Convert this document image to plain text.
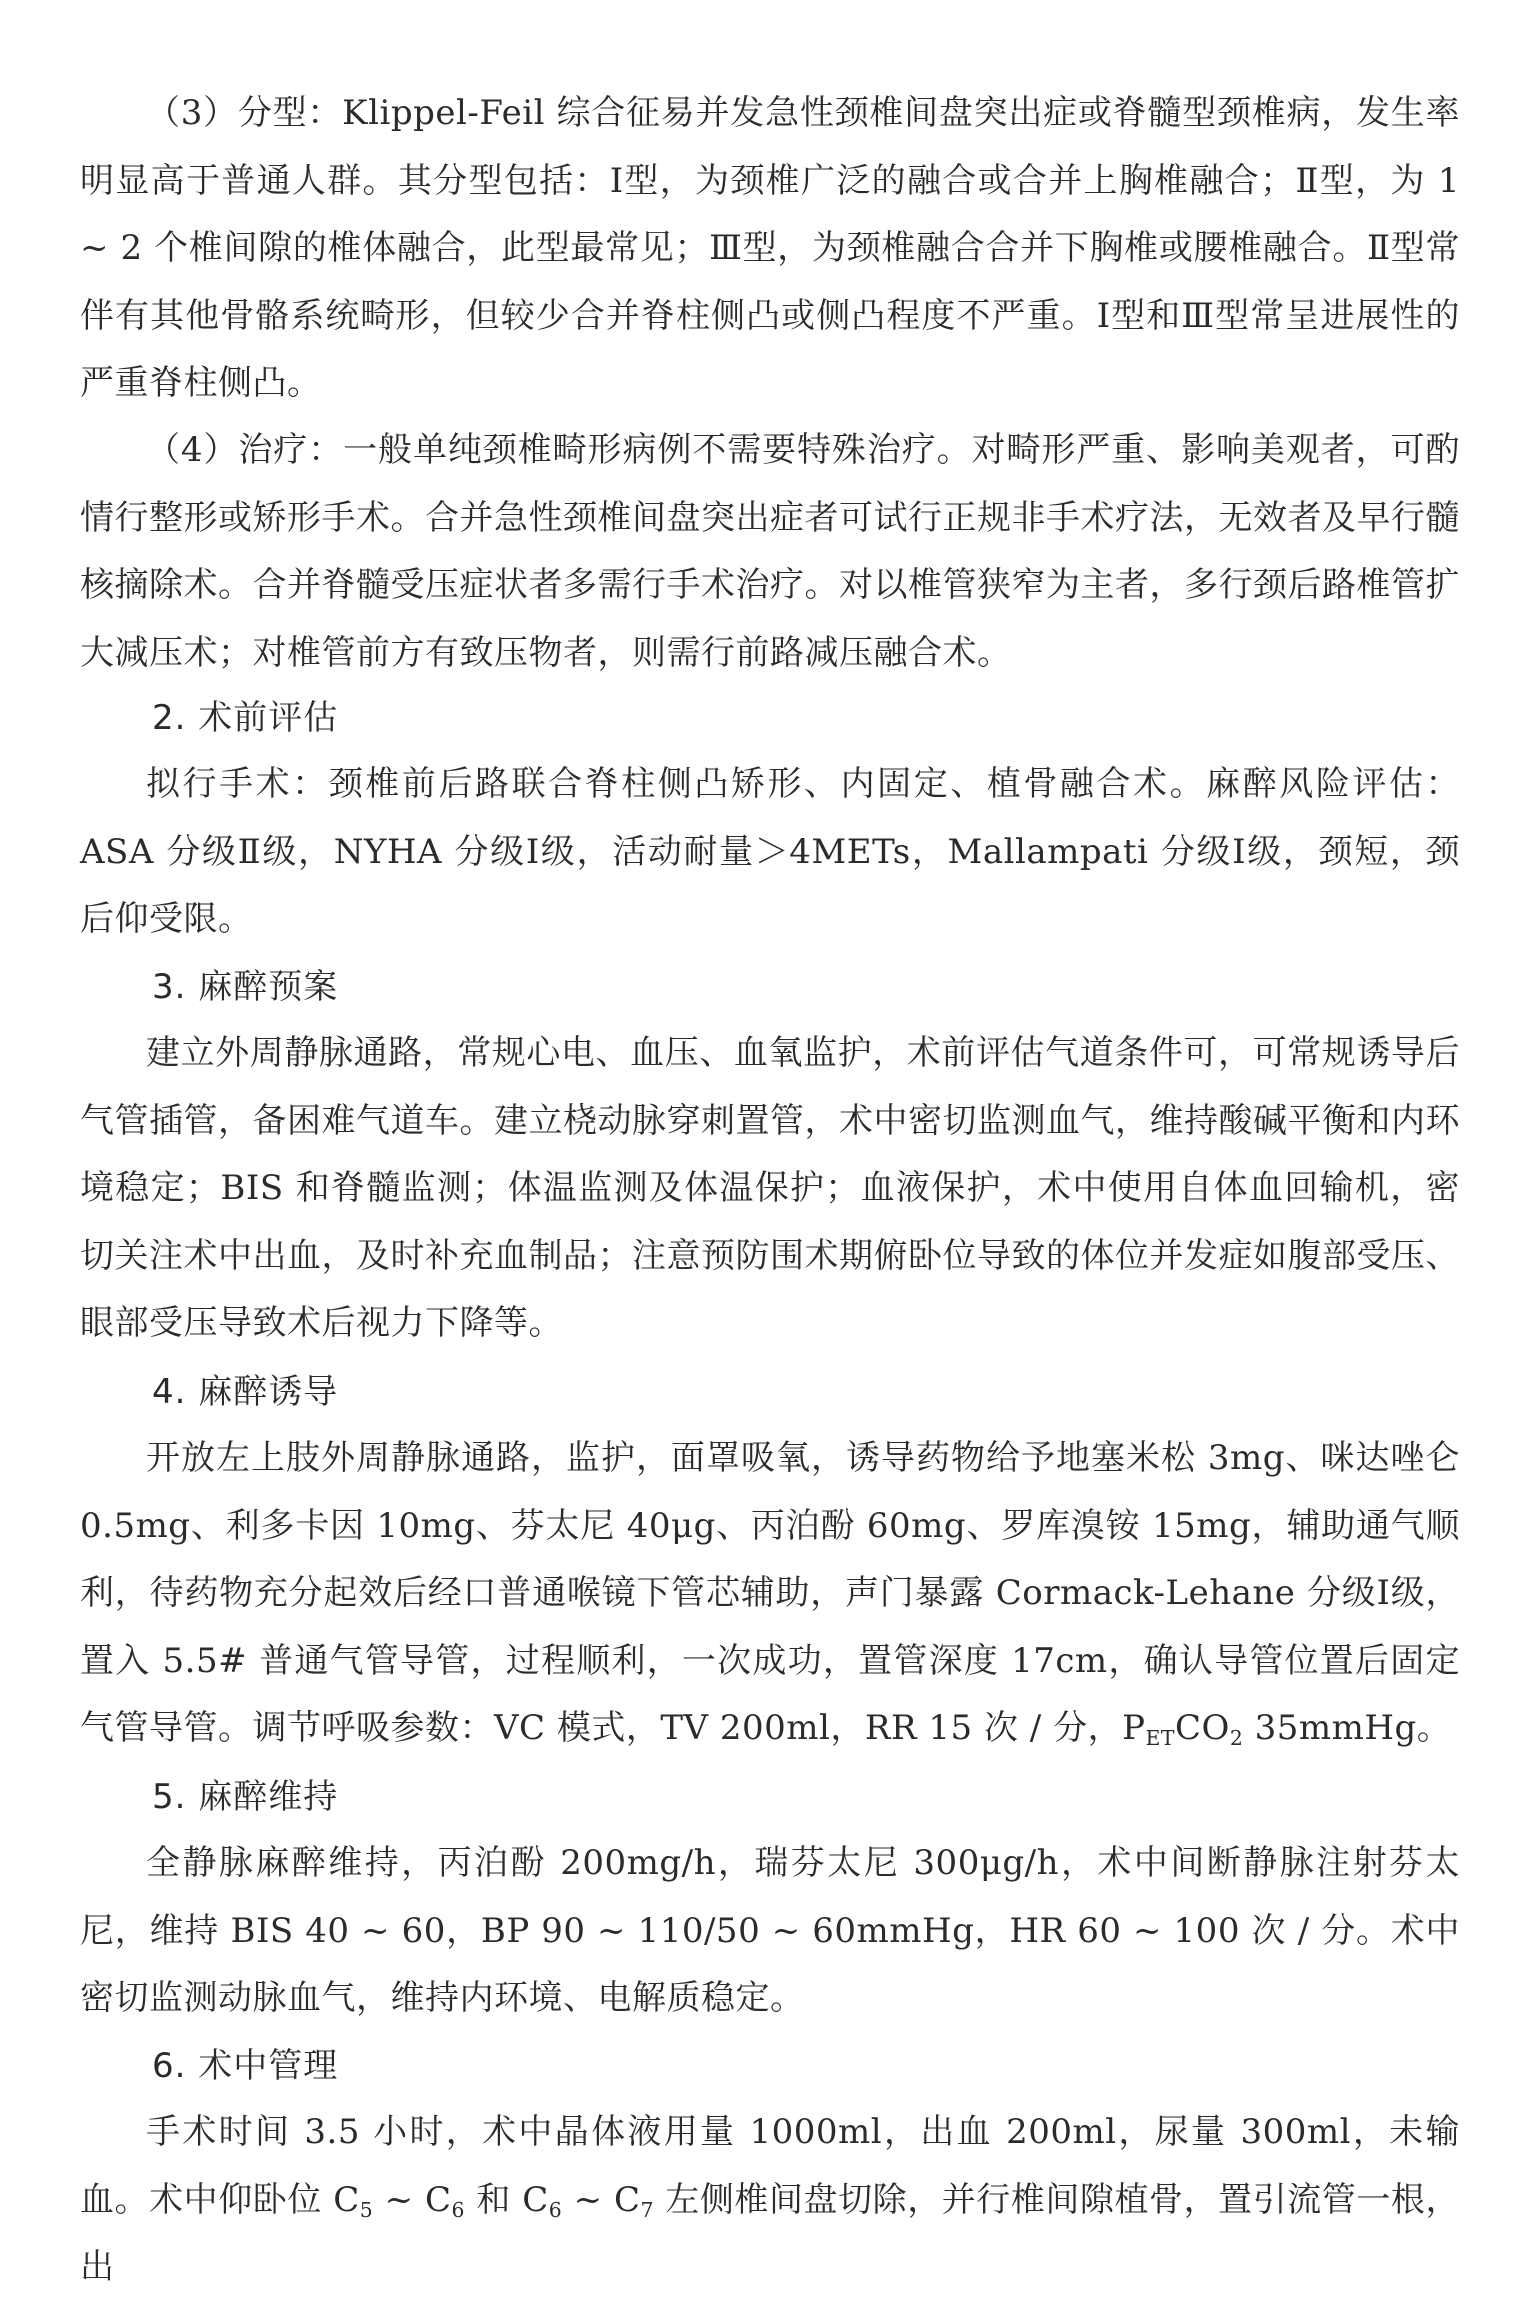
（3）分型：Klippel-Feil 综合征易并发急性颈椎间盘突出症或脊髓型颈椎病，发生率明显高于普通人群。其分型包括：Ⅰ型，为颈椎广泛的融合或合并上胸椎融合；Ⅱ型，为 1 ~ 2 个椎间隙的椎体融合，此型最常见；Ⅲ型，为颈椎融合合并下胸椎或腰椎融合。Ⅱ型常伴有其他骨骼系统畸形，但较少合并脊柱侧凸或侧凸程度不严重。Ⅰ型和Ⅲ型常呈进展性的严重脊柱侧凸。

（4）治疗：一般单纯颈椎畸形病例不需要特殊治疗。对畸形严重、影响美观者，可酌情行整形或矫形手术。合并急性颈椎间盘突出症者可试行正规非手术疗法，无效者及早行髓核摘除术。合并脊髓受压症状者多需行手术治疗。对以椎管狭窄为主者，多行颈后路椎管扩大减压术；对椎管前方有致压物者，则需行前路减压融合术。

2. 术前评估

拟行手术：颈椎前后路联合脊柱侧凸矫形、内固定、植骨融合术。麻醉风险评估：ASA 分级Ⅱ级，NYHA 分级Ⅰ级，活动耐量＞4METs，Mallampati 分级Ⅰ级，颈短，颈后仰受限。

3. 麻醉预案

建立外周静脉通路，常规心电、血压、血氧监护，术前评估气道条件可，可常规诱导后气管插管，备困难气道车。建立桡动脉穿刺置管，术中密切监测血气，维持酸碱平衡和内环境稳定；BIS 和脊髓监测；体温监测及体温保护；血液保护，术中使用自体血回输机，密切关注术中出血，及时补充血制品；注意预防围术期俯卧位导致的体位并发症如腹部受压、眼部受压导致术后视力下降等。

4. 麻醉诱导

开放左上肢外周静脉通路，监护，面罩吸氧，诱导药物给予地塞米松 3mg、咪达唑仑 0.5mg、利多卡因 10mg、芬太尼 40μg、丙泊酚 60mg、罗库溴铵 15mg，辅助通气顺利，待药物充分起效后经口普通喉镜下管芯辅助，声门暴露 Cormack-Lehane 分级Ⅰ级，置入 5.5# 普通气管导管，过程顺利，一次成功，置管深度 17cm，确认导管位置后固定气管导管。调节呼吸参数：VC 模式，TV 200ml，RR 15 次 / 分，$P_{ET}CO_2$ 35mmHg。

5. 麻醉维持

全静脉麻醉维持，丙泊酚 200mg/h，瑞芬太尼 300μg/h，术中间断静脉注射芬太尼，维持 BIS 40 ~ 60，BP 90 ~ 110/50 ~ 60mmHg，HR 60 ~ 100 次 / 分。术中密切监测动脉血气，维持内环境、电解质稳定。

6. 术中管理

手术时间 3.5 小时，术中晶体液用量 1000ml，出血 200ml，尿量 300ml，未输血。术中仰卧位 $C_5$ ~ $C_6$ 和 $C_6$ ~ $C_7$ 左侧椎间盘切除，并行椎间隙植骨，置引流管一根，出
